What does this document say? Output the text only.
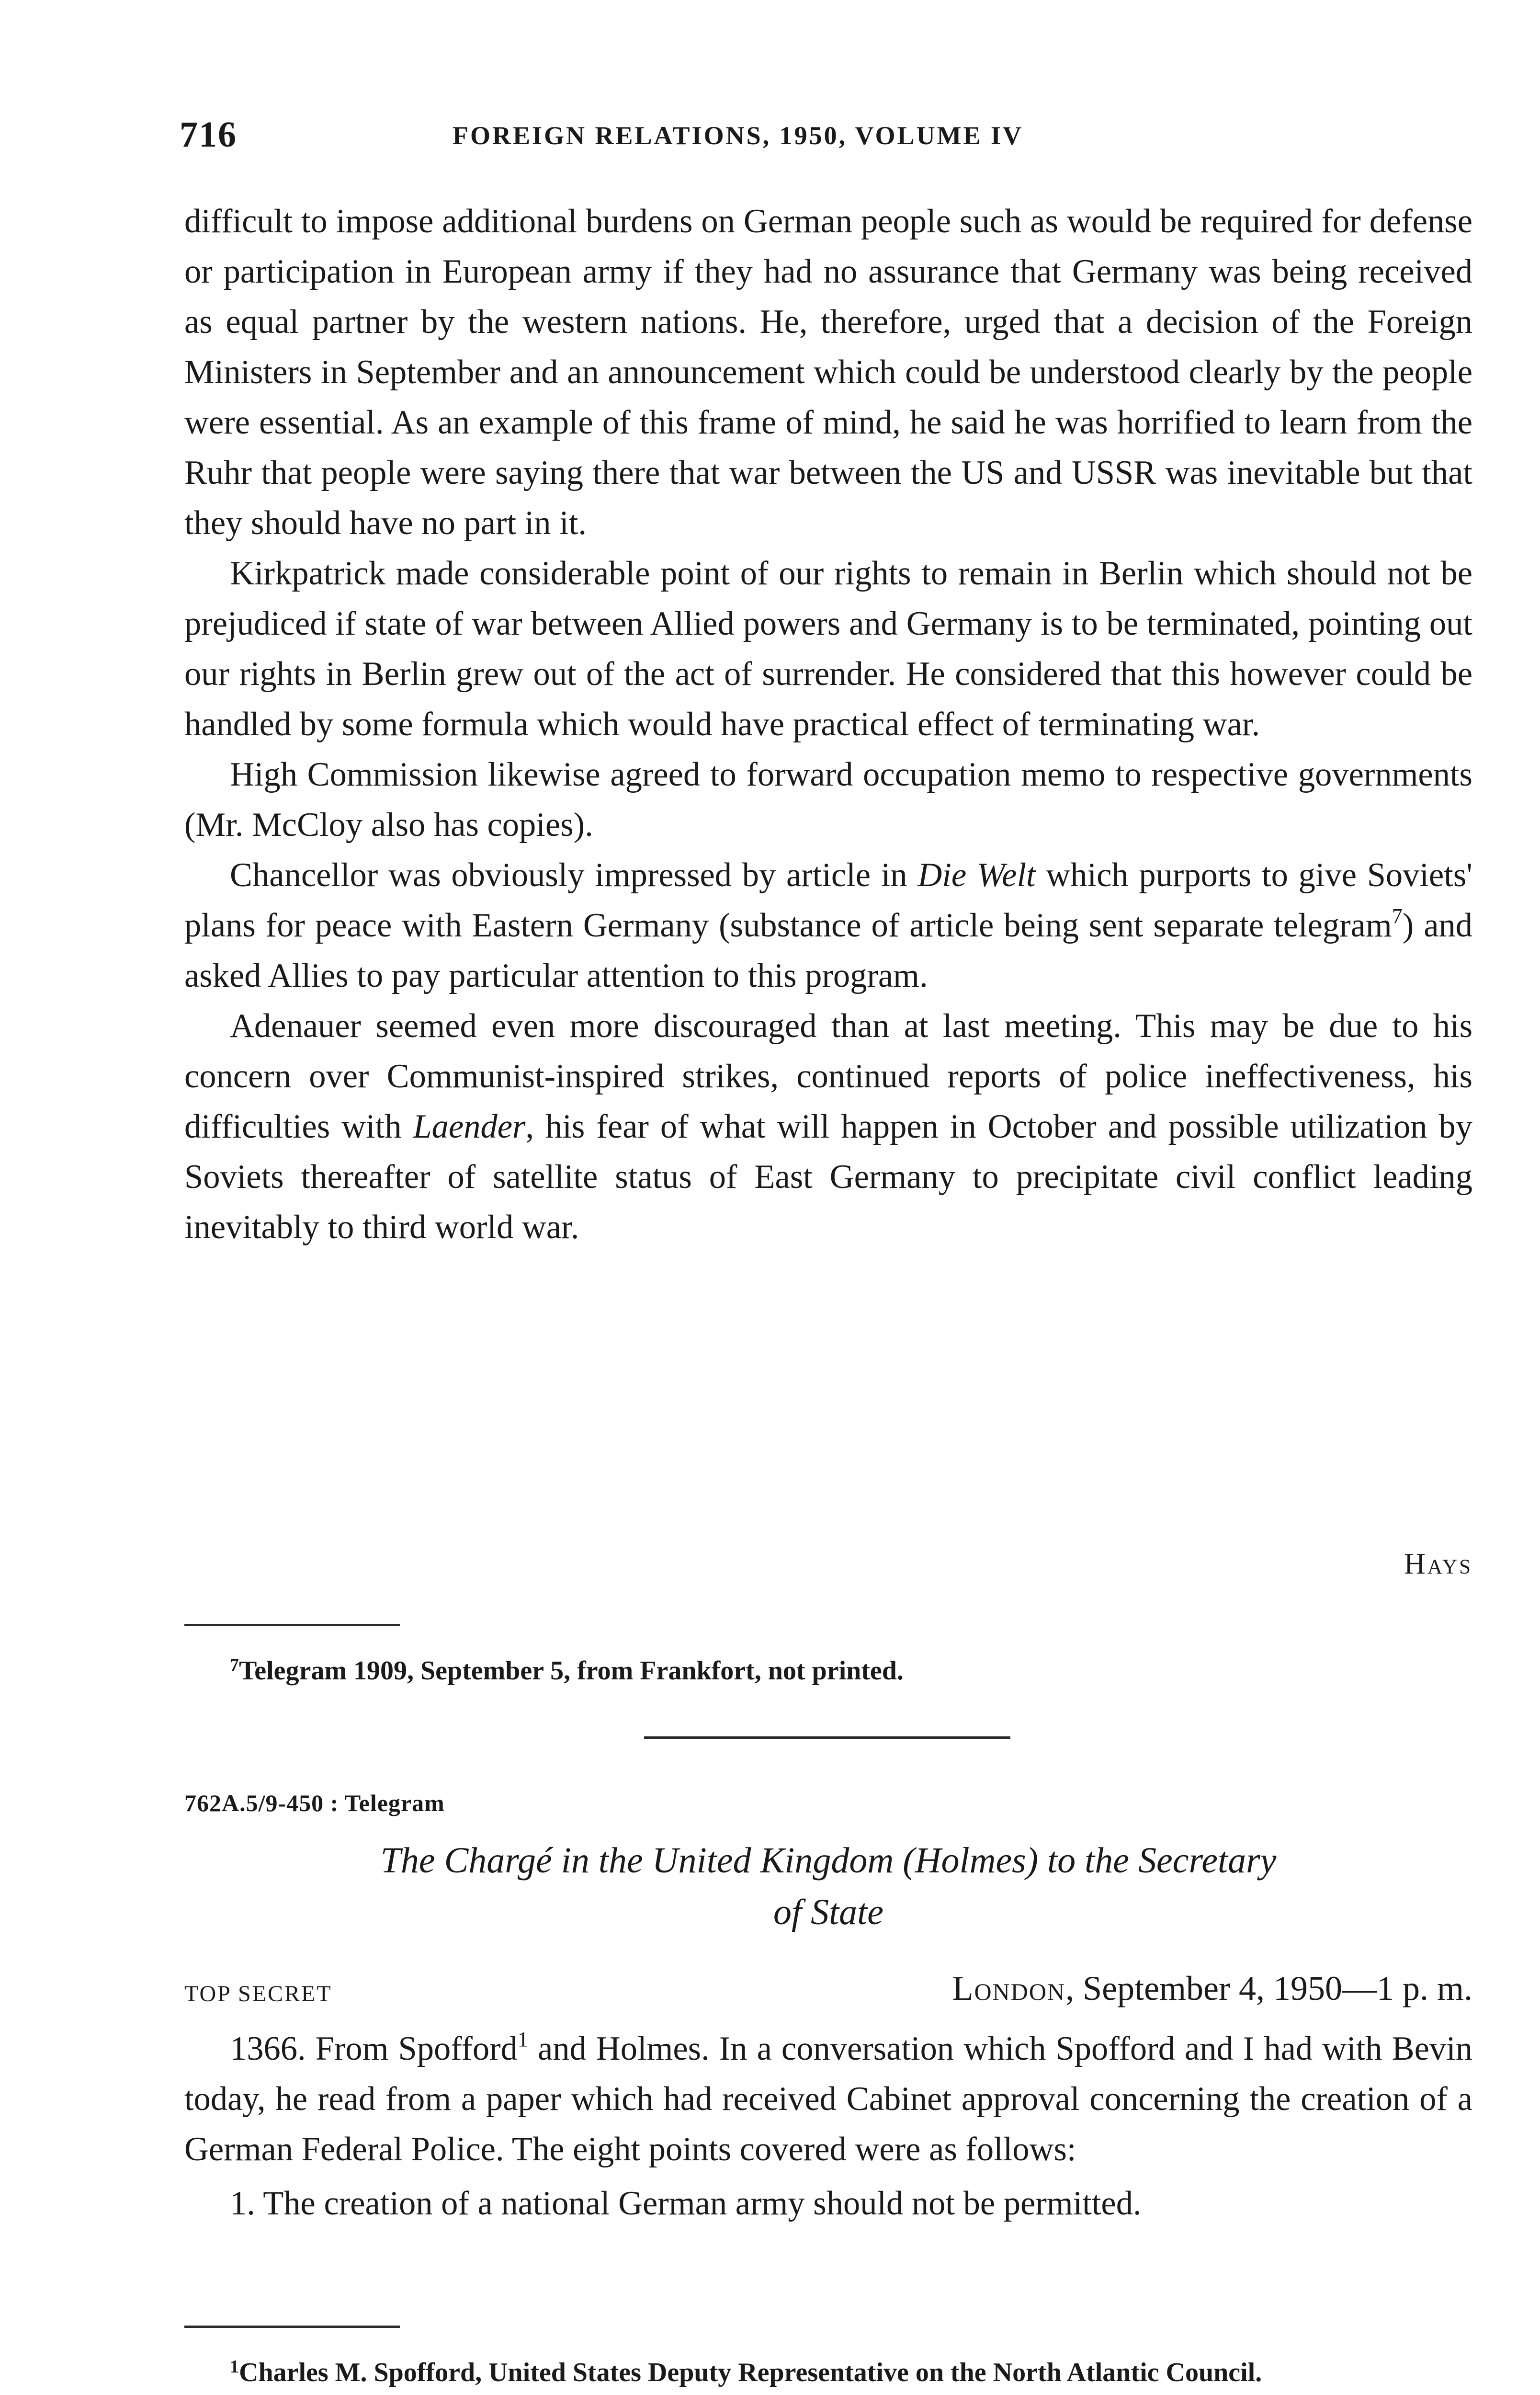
716	FOREIGN RELATIONS, 1950, VOLUME IV

difficult to impose additional burdens on German people such as would be required for defense or participation in European army if they had no assurance that Germany was being received as equal partner by the western nations. He, therefore, urged that a decision of the Foreign Ministers in September and an announcement which could be understood clearly by the people were essential. As an example of this frame of mind, he said he was horrified to learn from the Ruhr that people were saying there that war between the US and USSR was inevitable but that they should have no part in it.

Kirkpatrick made considerable point of our rights to remain in Berlin which should not be prejudiced if state of war between Allied powers and Germany is to be terminated, pointing out our rights in Berlin grew out of the act of surrender. He considered that this however could be handled by some formula which would have practical effect of terminating war.

High Commission likewise agreed to forward occupation memo to respective governments (Mr. McCloy also has copies).

Chancellor was obviously impressed by article in Die Welt which purports to give Soviets' plans for peace with Eastern Germany (substance of article being sent separate telegram$^7$) and asked Allies to pay particular attention to this program.

Adenauer seemed even more discouraged than at last meeting. This may be due to his concern over Communist-inspired strikes, continued reports of police ineffectiveness, his difficulties with Laender, his fear of what will happen in October and possible utilization by Soviets thereafter of satellite status of East Germany to precipitate civil conflict leading inevitably to third world war.

Hays
$^7$Telegram 1909, September 5, from Frankfort, not printed.
762A.5/9-450 : Telegram
The Chargé in the United Kingdom (Holmes) to the Secretary
of State
TOP SECRET	London, September 4, 1950—1 p. m.

1366. From Spofford$^1$ and Holmes. In a conversation which Spofford and I had with Bevin today, he read from a paper which had received Cabinet approval concerning the creation of a German Federal Police. The eight points covered were as follows:

1. The creation of a national German army should not be permitted.

$^1$Charles M. Spofford, United States Deputy Representative on the North Atlantic Council.
